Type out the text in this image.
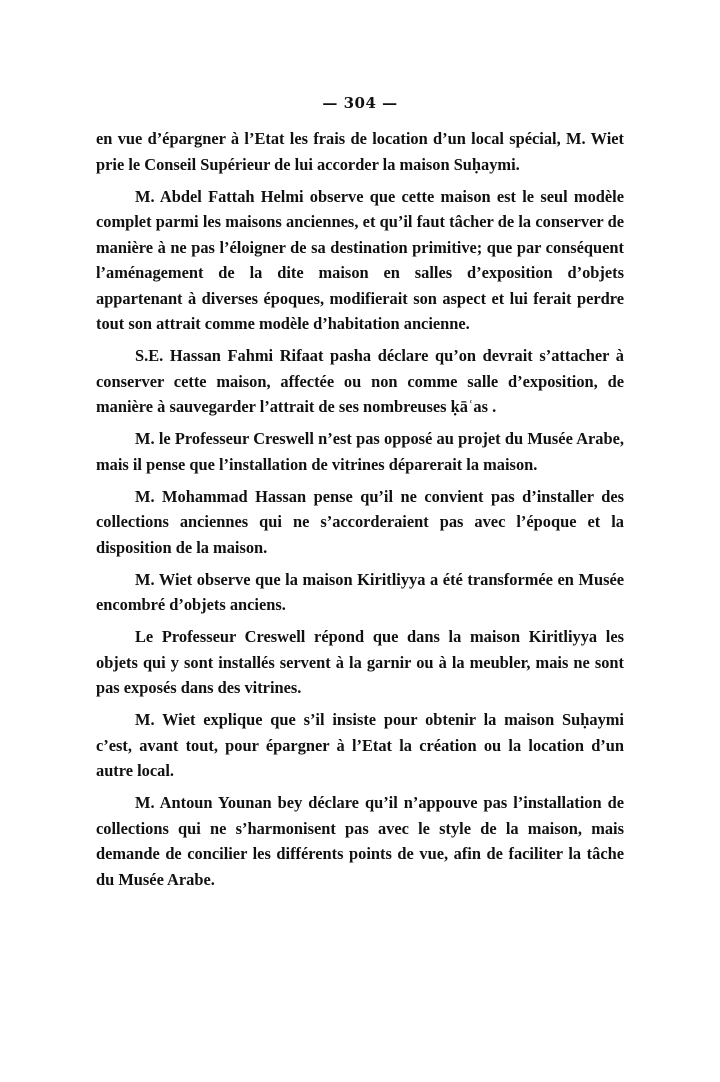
— 304 —

en vue d’épargner à l’Etat les frais de location d’un local spécial, M. Wiet prie le Conseil Supérieur de lui accorder la maison Suḥaymi.

M. Abdel Fattah Helmi observe que cette maison est le seul modèle complet parmi les maisons anciennes, et qu’il faut tâcher de la conserver de manière à ne pas l’éloigner de sa destination primitive; que par conséquent l’aménagement de la dite maison en salles d’exposition d’objets appartenant à diverses époques, modifierait son aspect et lui ferait perdre tout son attrait comme modèle d’habitation ancienne.

S.E. Hassan Fahmi Rifaat pasha déclare qu’on devrait s’attacher à conserver cette maison, affectée ou non comme salle d’exposition, de manière à sauvegarder l’attrait de ses nombreuses ḳāʿas .

M. le Professeur Creswell n’est pas opposé au projet du Musée Arabe, mais il pense que l’installation de vitrines déparerait la maison.

M. Mohammad Hassan pense qu’il ne convient pas d’installer des collections anciennes qui ne s’accorderaient pas avec l’époque et la disposition de la maison.

M. Wiet observe que la maison Kiritliyya a été transformée en Musée encombré d’objets anciens.

Le Professeur Creswell répond que dans la maison Kiritliyya les objets qui y sont installés servent à la garnir ou à la meubler, mais ne sont pas exposés dans des vitrines.

M. Wiet explique que s’il insiste pour obtenir la maison Suḥaymi c’est, avant tout, pour épargner à l’Etat la création ou la location d’un autre local.

M. Antoun Younan bey déclare qu’il n’appouve pas l’installation de collections qui ne s’harmonisent pas avec le style de la maison, mais demande de concilier les différents points de vue, afin de faciliter la tâche du Musée Arabe.
